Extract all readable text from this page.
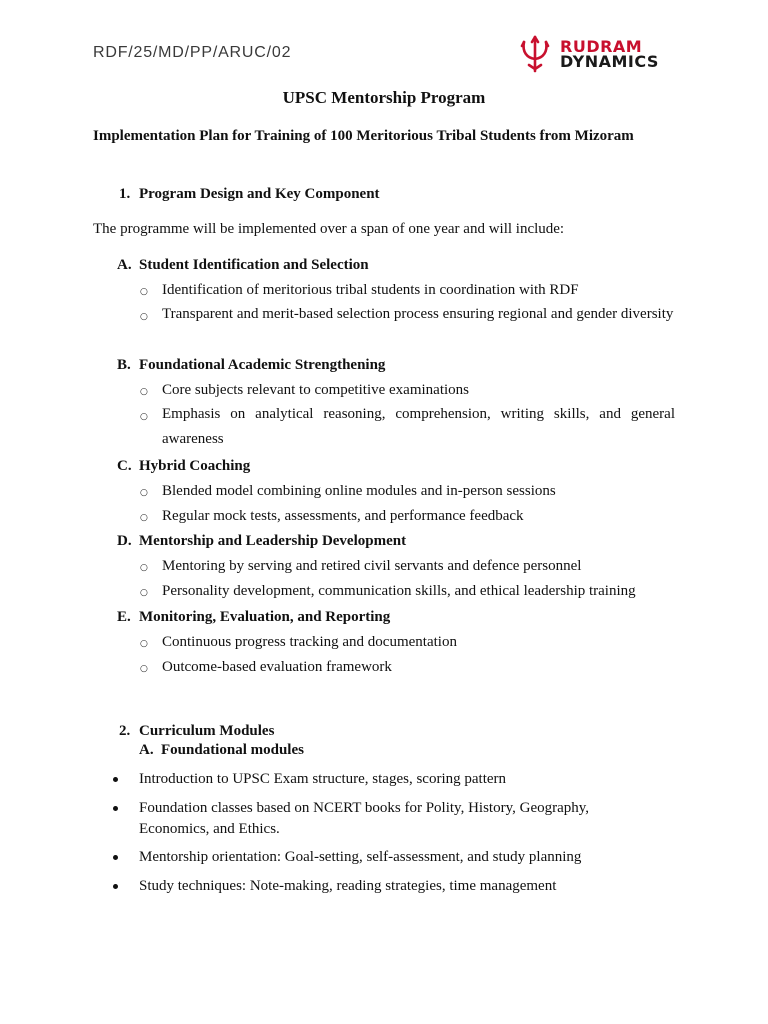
RDF/25/MD/PP/ARUC/02	RUDRAM
DYNAMICS
UPSC Mentorship Program
Implementation Plan for Training of 100 Meritorious Tribal Students from Mizoram
1. Program Design and Key Component
The programme will be implemented over a span of one year and will include:
A. Student Identification and Selection
○ Identification of meritorious tribal students in coordination with RDF
○ Transparent and merit-based selection process ensuring regional and gender diversity
B. Foundational Academic Strengthening
○ Core subjects relevant to competitive examinations
○ Emphasis on analytical reasoning, comprehension, writing skills, and general awareness
C. Hybrid Coaching
○ Blended model combining online modules and in-person sessions
○ Regular mock tests, assessments, and performance feedback
D. Mentorship and Leadership Development
○ Mentoring by serving and retired civil servants and defence personnel
○ Personality development, communication skills, and ethical leadership training
E. Monitoring, Evaluation, and Reporting
○ Continuous progress tracking and documentation
○ Outcome-based evaluation framework
2. Curriculum Modules
A. Foundational modules
Introduction to UPSC Exam structure, stages, scoring pattern
Foundation classes based on NCERT books for Polity, History, Geography,
Economics, and Ethics.
Mentorship orientation: Goal-setting, self-assessment, and study planning
Study techniques: Note-making, reading strategies, time management
